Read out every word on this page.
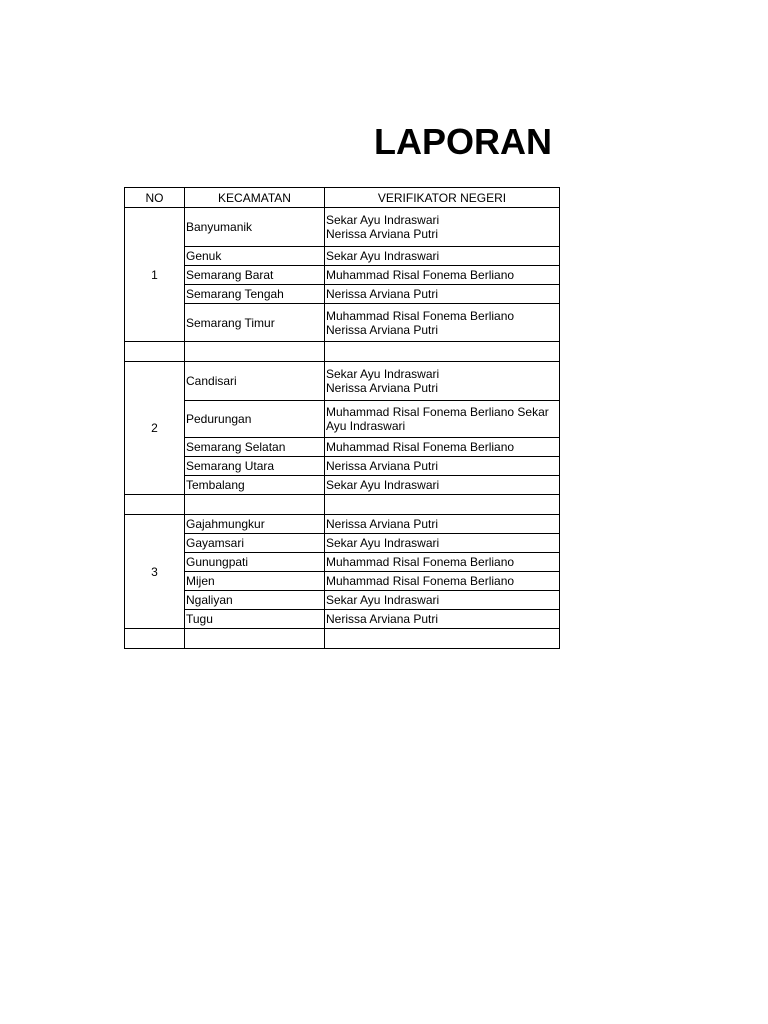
LAPORAN
NO	KECAMATAN	VERIFIKATOR NEGERI
1	Banyumanik	Sekar Ayu Indraswari
Nerissa Arviana Putri

	Genuk	Sekar Ayu Indraswari

	Semarang Barat	Muhammad Risal Fonema Berliano

	Semarang Tengah	Nerissa Arviana Putri

	Semarang Timur	Muhammad Risal Fonema Berliano
Nerissa Arviana Putri

2	Candisari	Sekar Ayu Indraswari
Nerissa Arviana Putri

	Pedurungan	Muhammad Risal Fonema Berliano Sekar
Ayu Indraswari

	Semarang Selatan	Muhammad Risal Fonema Berliano

	Semarang Utara	Nerissa Arviana Putri

	Tembalang	Sekar Ayu Indraswari

3	Gajahmungkur	Nerissa Arviana Putri

	Gayamsari	Sekar Ayu Indraswari

	Gunungpati	Muhammad Risal Fonema Berliano

	Mijen	Muhammad Risal Fonema Berliano

	Ngaliyan	Sekar Ayu Indraswari

	Tugu	Nerissa Arviana Putri
